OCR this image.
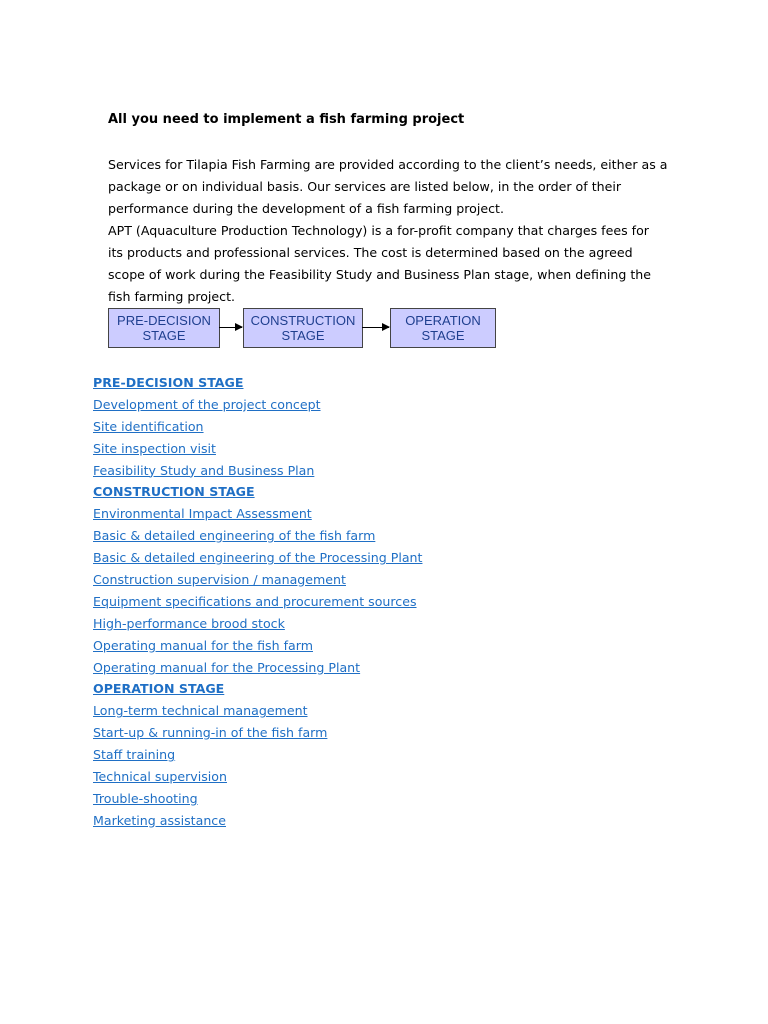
All you need to implement a fish farming project
Services for Tilapia Fish Farming are provided according to the client’s needs, either as a
package or on individual basis. Our services are listed below, in the order of their
performance during the development of a fish farming project.
APT (Aquaculture Production Technology) is a for-profit company that charges fees for
its products and professional services. The cost is determined based on the agreed
scope of work during the Feasibility Study and Business Plan stage, when defining the
fish farming project.
PRE-DECISION
STAGE
CONSTRUCTION
STAGE
OPERATION
STAGE
PRE-DECISION STAGE
Development of the project concept
Site identification
Site inspection visit
Feasibility Study and Business Plan
CONSTRUCTION STAGE
Environmental Impact Assessment
Basic & detailed engineering of the fish farm
Basic & detailed engineering of the Processing Plant
Construction supervision / management
Equipment specifications and procurement sources
High-performance brood stock
Operating manual for the fish farm
Operating manual for the Processing Plant
OPERATION STAGE
Long-term technical management
Start-up & running-in of the fish farm
Staff training
Technical supervision
Trouble-shooting
Marketing assistance
